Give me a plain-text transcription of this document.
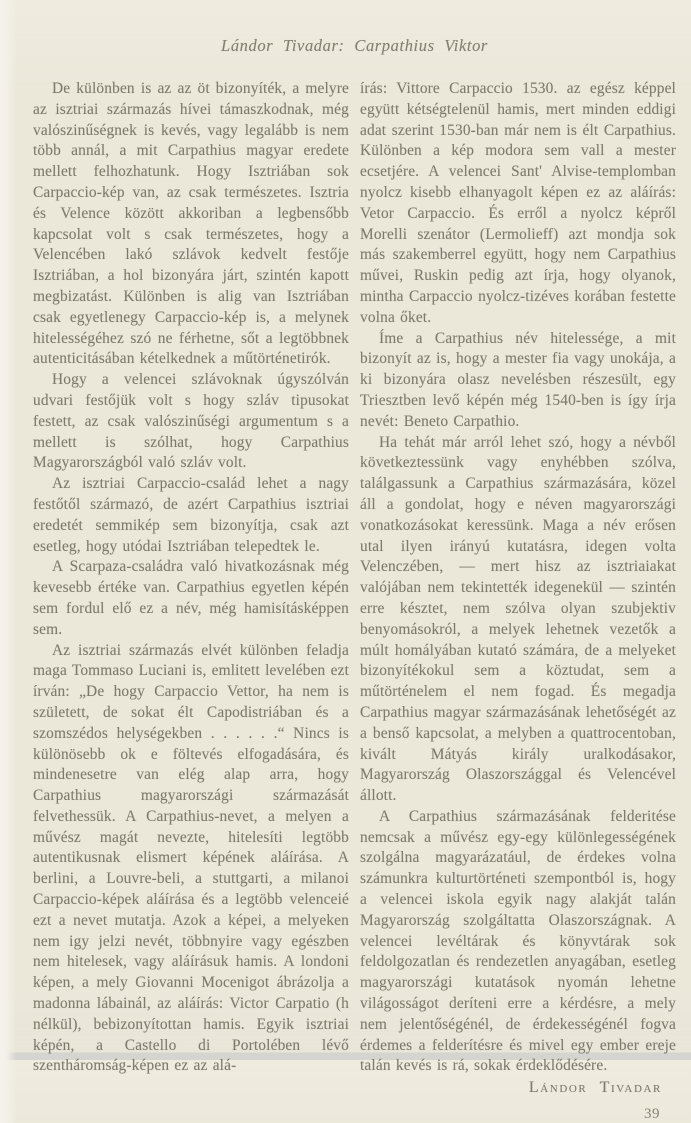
Lándor Tivadar: Carpathius Viktor

De különben is az az öt bizonyíték, a melyre az isztriai származás hívei támaszkodnak, még valószinűségnek is kevés, vagy legalább is nem több annál, a mit Carpathius magyar eredete mellett felhozhatunk. Hogy Isztriában sok Carpaccio-kép van, az csak természetes. Isztria és Velence között akkoriban a legbensőbb kapcsolat volt s csak természetes, hogy a Velencében lakó szlávok kedvelt festője Isztriában, a hol bizonyára járt, szintén kapott megbizatást. Különben is alig van Isztriában csak egyetlenegy Carpaccio-kép is, a melynek hitelességéhez szó ne férhetne, sőt a legtöbbnek autenticitásában kételkednek a műtörténetirók.

Hogy a velencei szlávoknak úgyszólván udvari festőjük volt s hogy szláv tipusokat festett, az csak valószinűségi argumentum s a mellett is szólhat, hogy Carpathius Magyarországból való szláv volt.

Az isztriai Carpaccio-család lehet a nagy festőtől származó, de azért Carpathius isztriai eredetét semmikép sem bizonyítja, csak azt esetleg, hogy utódai Isztriában telepedtek le.

A Scarpaza-családra való hivatkozásnak még kevesebb értéke van. Carpathius egyetlen képén sem fordul elő ez a név, még hamisításképpen sem.

Az isztriai származás elvét különben feladja maga Tommaso Luciani is, emlitett levelében ezt írván: „De hogy Carpaccio Vettor, ha nem is született, de sokat élt Capodistriában és a szomszédos helységekben . . . . . .“ Nincs is különösebb ok e föltevés elfogadására, és mindenesetre van elég alap arra, hogy Carpathius magyarországi származását felvethessük. A Carpathius-nevet, a melyen a művész magát nevezte, hitelesíti legtöbb autentikusnak elismert képének aláírása. A berlini, a Louvre-beli, a stuttgarti, a milanoi Carpaccio-képek aláírása és a legtöbb velenceié ezt a nevet mutatja. Azok a képei, a melyeken nem igy jelzi nevét, többnyire vagy egészben nem hitelesek, vagy aláírásuk hamis. A londoni képen, a mely Giovanni Mocenigot ábrázolja a madonna lábainál, az aláírás: Victor Carpatio (h nélkül), bebizonyítottan hamis. Egyik isztriai képén, a Castello di Portolében lévő szentháromság-képen ez az alá-

írás: Vittore Carpaccio 1530. az egész képpel együtt kétségtelenül hamis, mert minden eddigi adat szerint 1530-ban már nem is élt Carpathius. Különben a kép modora sem vall a mester ecsetjére. A velencei Sant' Alvise-templomban nyolcz kisebb elhanyagolt képen ez az aláírás: Vetor Carpaccio. És erről a nyolcz képről Morelli szenátor (Lermolieff) azt mondja sok más szakemberrel együtt, hogy nem Carpathius művei, Ruskin pedig azt írja, hogy olyanok, mintha Carpaccio nyolcz-tizéves korában festette volna őket.

Íme a Carpathius név hitelessége, a mit bizonyít az is, hogy a mester fia vagy unokája, a ki bizonyára olasz nevelésben részesült, egy Triesztben levő képén még 1540-ben is így írja nevét: Beneto Carpathio.

Ha tehát már arról lehet szó, hogy a névből következtessünk vagy enyhébben szólva, találgassunk a Carpathius származására, közel áll a gondolat, hogy e néven magyarországi vonatkozásokat keressünk. Maga a név erősen utal ilyen irányú kutatásra, idegen volta Velenczében, — mert hisz az isztriaiakat valójában nem tekintették idegenekül — szintén erre késztet, nem szólva olyan szubjektiv benyomásokról, a melyek lehetnek vezetők a múlt homályában kutató számára, de a melyeket bizonyítékokul sem a köztudat, sem a műtörténelem el nem fogad. És megadja Carpathius magyar származásának lehetőségét az a benső kapcsolat, a melyben a quattrocentoban, kivált Mátyás király uralkodásakor, Magyarország Olaszországgal és Velencével állott.

A Carpathius származásának felderitése nemcsak a művész egy-egy különlegességének szolgálna magyarázatául, de érdekes volna számunkra kulturtörténeti szempontból is, hogy a velencei iskola egyik nagy alakját talán Magyarország szolgáltatta Olaszországnak. A velencei levéltárak és könyvtárak sok feldolgozatlan és rendezetlen anyagában, esetleg magyarországi kutatások nyomán lehetne világosságot deríteni erre a kérdésre, a mely nem jelentőségénél, de érdekességénél fogva érdemes a felderítésre és mivel egy ember ereje talán kevés is rá, sokak érdeklődésére.

Lándor Tivadar
39
